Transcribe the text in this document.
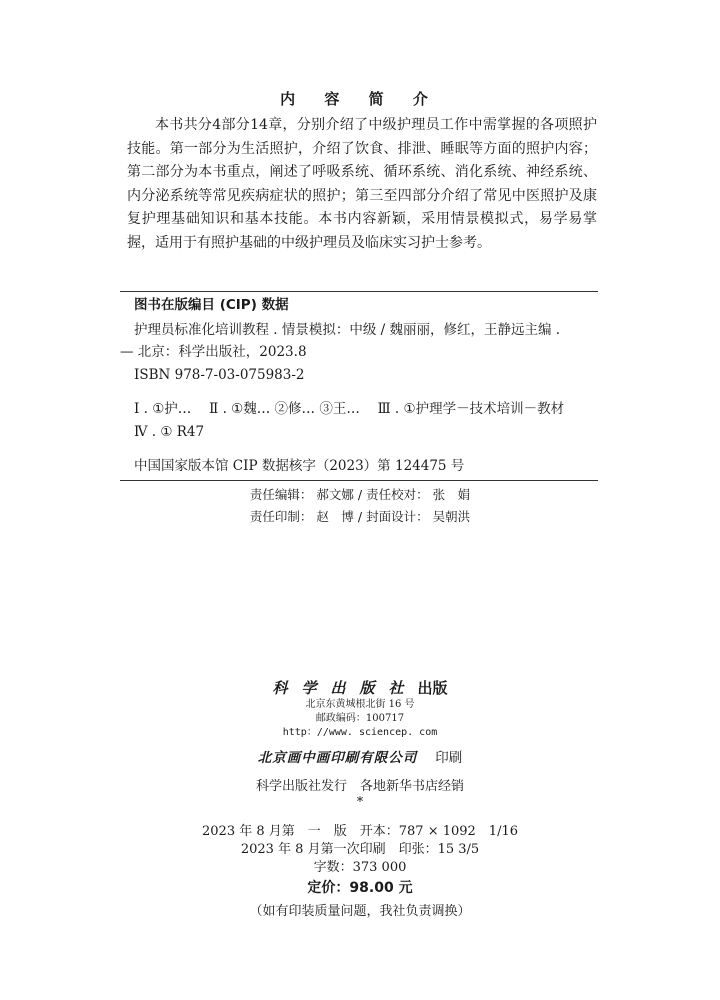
内 容 简 介
本书共分4部分14章，分别介绍了中级护理员工作中需掌握的各项照护技能。第一部分为生活照护，介绍了饮食、排泄、睡眠等方面的照护内容；第二部分为本书重点，阐述了呼吸系统、循环系统、消化系统、神经系统、内分泌系统等常见疾病症状的照护；第三至四部分介绍了常见中医照护及康复护理基础知识和基本技能。本书内容新颖，采用情景模拟式，易学易掌握，适用于有照护基础的中级护理员及临床实习护士参考。
图书在版编目 (CIP) 数据
护理员标准化培训教程 . 情景模拟：中级 / 魏丽丽，修红，王静远主编 .
— 北京：科学出版社，2023.8
ISBN 978-7-03-075983-2
Ⅰ . ①护…　 Ⅱ . ①魏… ②修… ③王…　 Ⅲ . ①护理学－技术培训－教材
Ⅳ . ① R47
中国国家版本馆 CIP 数据核字（2023）第 124475 号
责任编辑： 郝文娜 / 责任校对： 张　娟
责任印制： 赵　博 / 封面设计： 吴朝洪
科学出版社出版
北京东黄城根北街 16 号
邮政编码：100717
http：//www. sciencep. com
北京画中画印刷有限公司 印刷
科学出版社发行　各地新华书店经销
*
2023 年 8 月第　一　版　开本：787 × 1092　1/16
2023 年 8 月第一次印刷　印张：15 3/5
字数：373 000
定价：98.00 元
（如有印装质量问题，我社负责调换）
